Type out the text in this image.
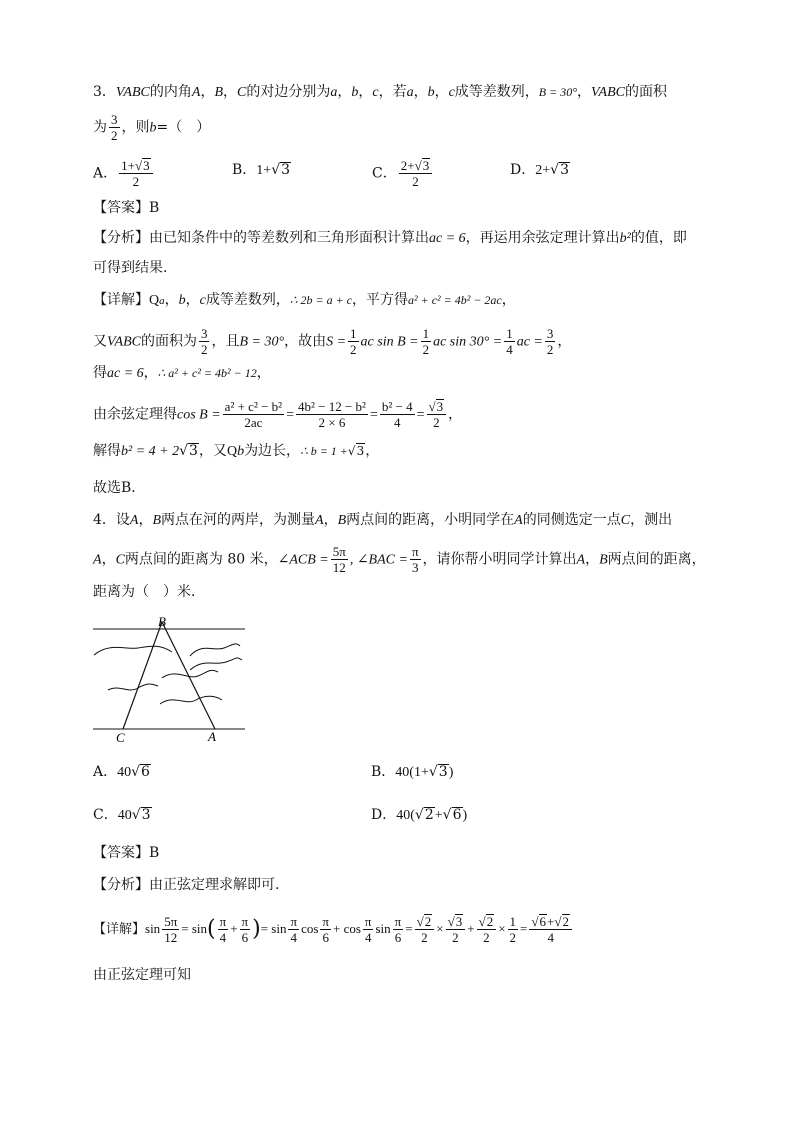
3．VABC的内角A，B，C的对边分别为a，b，c，若a，b，c成等差数列，B = 30°，VABC的面积
为 $\frac{3}{2}$ ，则b=（　）
A． $\frac{1+ √ 3}{2}$	B．1+ √ 3	C． $\frac{2+ √ 3}{2}$	D．2+ √ 3
【答案】B
【分析】由已知条件中的等差数列和三角形面积计算出ac = 6，再运用余弦定理计算出b²的值，即
可得到结果.
【详解】Qa，b，c成等差数列，∴ 2b = a + c，平方得a² + c² = 4b² − 2ac，
又VABC的面积为 $\frac{3}{2}$ ，且B = 30°，故由$S = \frac{1}{2}$ ac $\sin B = \frac{1}{2}$ ac $\sin 30^\circ = \frac{1}{4}$ ac = $\frac{3}{2}$ ，
得ac = 6，∴ a² + c² = 4b² − 12，
由余弦定理得$\cos B = \frac{\text{a² + c² − b²}}{2ac} = \frac{\text{4b² − 12 − b²}}{2 \times 6} = \frac{\text{b² − 4}}{4}$ = √ $\frac{3}{2}$ ，
解得b² = 4 + 2 √ 3，又Qb为边长，∴ b = 1 + √ 3，
故选B．
4．设A，B两点在河的两岸，为测量A，B两点间的距离，小明同学在A的同侧选定一点C，测出
A，C两点间的距离为 80 米，∠ACB = $\frac{5\pi}{12}$ , ∠BAC = $\frac{\pi}{3}$ ，请你帮小明同学计算出A，B两点间的距离，
距离为（　）米．
B
C	A
A．40 √ 6	B．40(1+ √ 3)
C．40 √ 3	D．40( √ 2+ √ 6)
【答案】B
【分析】由正弦定理求解即可.
【详解】$\sin \frac{5\pi}{12} = \sin( \frac{\pi}{4} + \frac{\pi}{6}$ )= $\sin \frac{\pi}{4}$ $\cos \frac{\pi}{6} + \cos \frac{\pi}{4}$ $\sin \frac{\pi}{6}$ = √ $\frac{2}{2}$ × √ $\frac{3}{2}$ + √ $\frac{2}{2} \times \frac{1}{2}$ = √ $\frac{6+ √ 2}{4}$
由正弦定理可知
